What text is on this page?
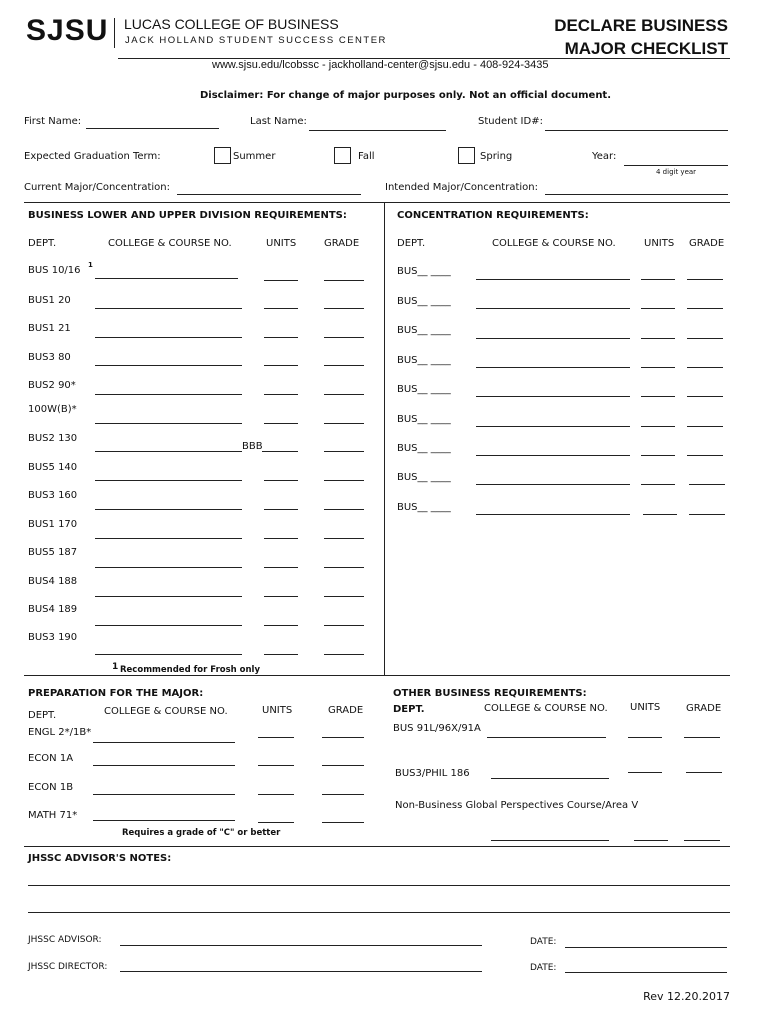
SJSU LUCAS COLLEGE OF BUSINESS
JACK HOLLAND STUDENT SUCCESS CENTER
DECLARE BUSINESS
MAJOR CHECKLIST
www.sjsu.edu/lcobssc - jackholland-center@sjsu.edu - 408-924-3435
Disclaimer: For change of major purposes only. Not an official document.
First Name:	Last Name:	Student ID#:
Expected Graduation Term:	Summer	Fall	Spring	Year:
4 digit year
Current Major/Concentration:	Intended Major/Concentration:
BUSINESS LOWER AND UPPER DIVISION REQUIREMENTS:
DEPT.	COLLEGE & COURSE NO.	UNITS	GRADE
BUS 10/16 1
BUS1 20
BUS1 21
BUS3 80
BUS2 90*
100W(B)*
BUS2 130
BBB
BUS5 140
BUS3 160
BUS1 170
BUS5 187
BUS4 188
BUS4 189
BUS3 190
1 Recommended for Frosh only
CONCENTRATION REQUIREMENTS:
DEPT.	COLLEGE & COURSE NO.	UNITS GRADE
BUS__ ____
BUS__ ____
BUS__ ____
BUS__ ____
BUS__ ____
BUS__ ____
BUS__ ____
BUS__ ____
BUS__ ____
PREPARATION FOR THE MAJOR:
DEPT.	COLLEGE & COURSE NO.	UNITS	GRADE
ENGL 2*/1B*
ECON 1A
ECON 1B
MATH 71*
Requires a grade of "C" or better
OTHER BUSINESS REQUIREMENTS:
DEPT.	COLLEGE & COURSE NO. UNITS	GRADE
BUS 91L/96X/91A
BUS3/PHIL 186
Non-Business Global Perspectives Course/Area V
JHSSC ADVISOR'S NOTES:
JHSSC ADVISOR:	DATE:
JHSSC DIRECTOR:	DATE:
Rev 12.20.2017
